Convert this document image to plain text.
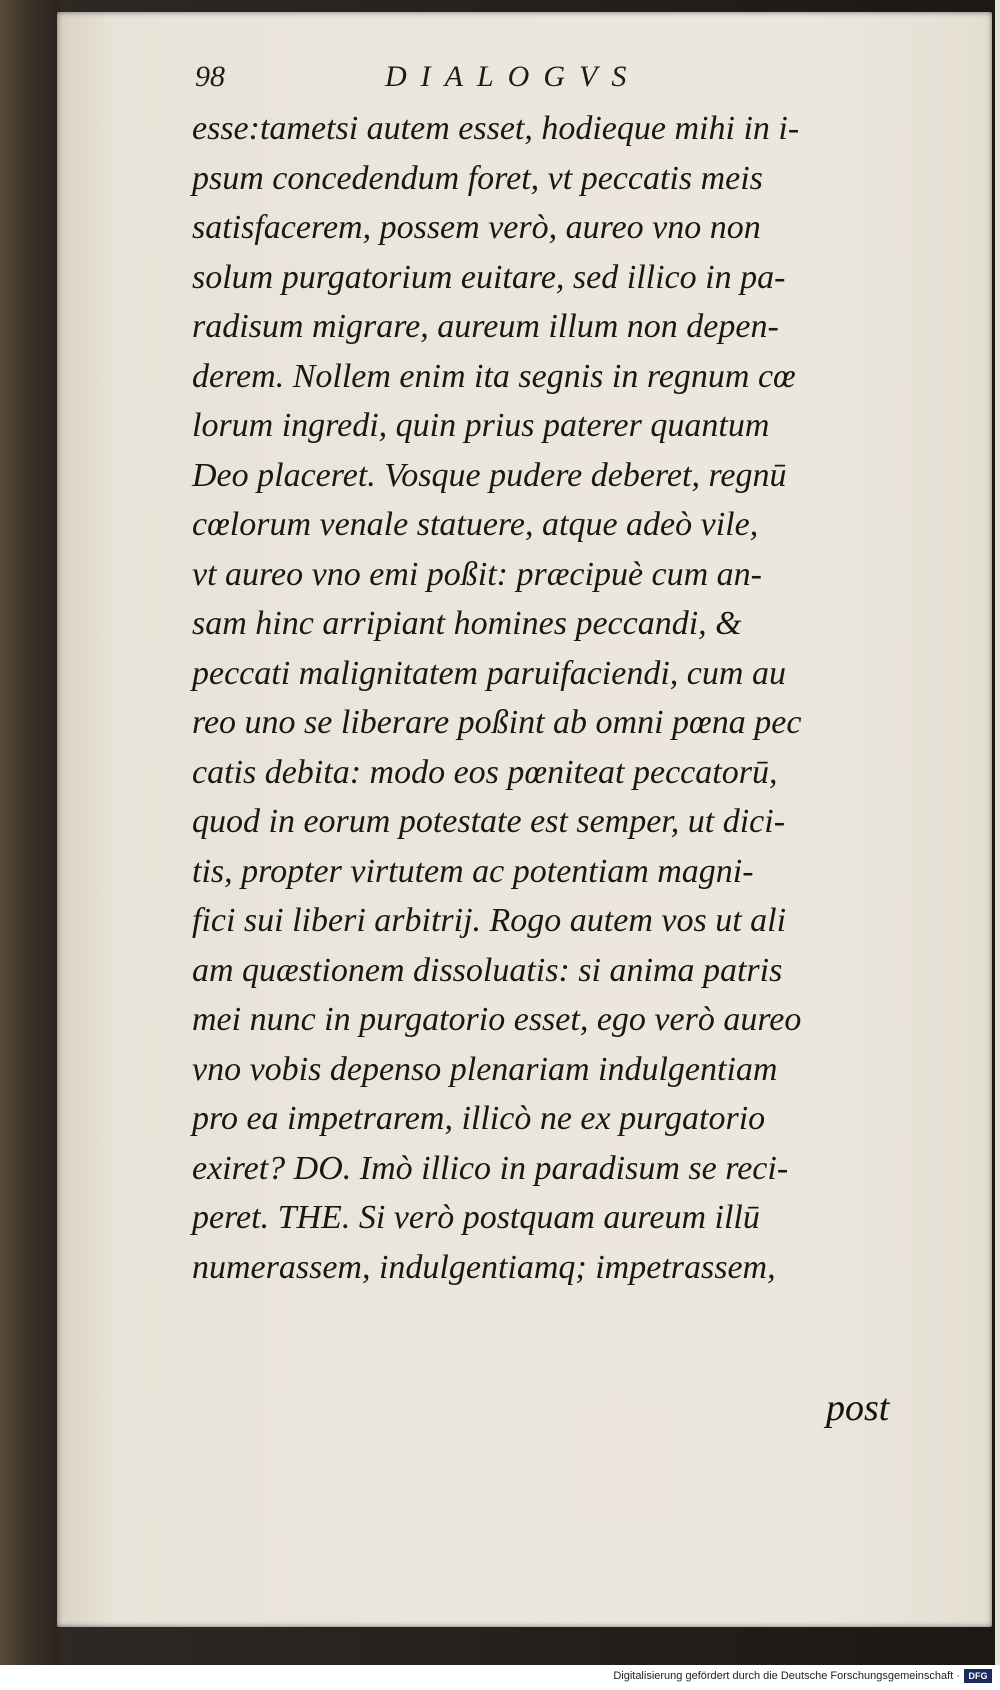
98	DIALOGVS
esse:tametsi autem esset, hodieque mihi in i-
psum concedendum foret, vt peccatis meis
satisfacerem, possem verò, aureo vno non
solum purgatorium euitare, sed illico in pa-
radisum migrare, aureum illum non depen-
derem. Nollem enim ita segnis in regnum cœ
lorum ingredi, quin prius paterer quantum
Deo placeret. Vosque pudere deberet, regnū
cœlorum venale statuere, atque adeò vile,
vt aureo vno emi poßit: præcipuè cum an-
sam hinc arripiant homines peccandi, &
peccati malignitatem paruifaciendi, cum au
reo uno se liberare poßint ab omni pœna pec
catis debita: modo eos pœniteat peccatorū,
quod in eorum potestate est semper, ut dici-
tis, propter virtutem ac potentiam magni-
fici sui liberi arbitrij. Rogo autem vos ut ali
am quæstionem dissoluatis: si anima patris
mei nunc in purgatorio esset, ego verò aureo
vno vobis depenso plenariam indulgentiam
pro ea impetrarem, illicò ne ex purgatorio
exiret? DO. Imò illico in paradisum se reci-
peret. THE. Si verò postquam aureum illū
numerassem, indulgentiamq; impetrassem,
post
Digitalisierung gefördert durch die Deutsche Forschungsgemeinschaft · DFG
